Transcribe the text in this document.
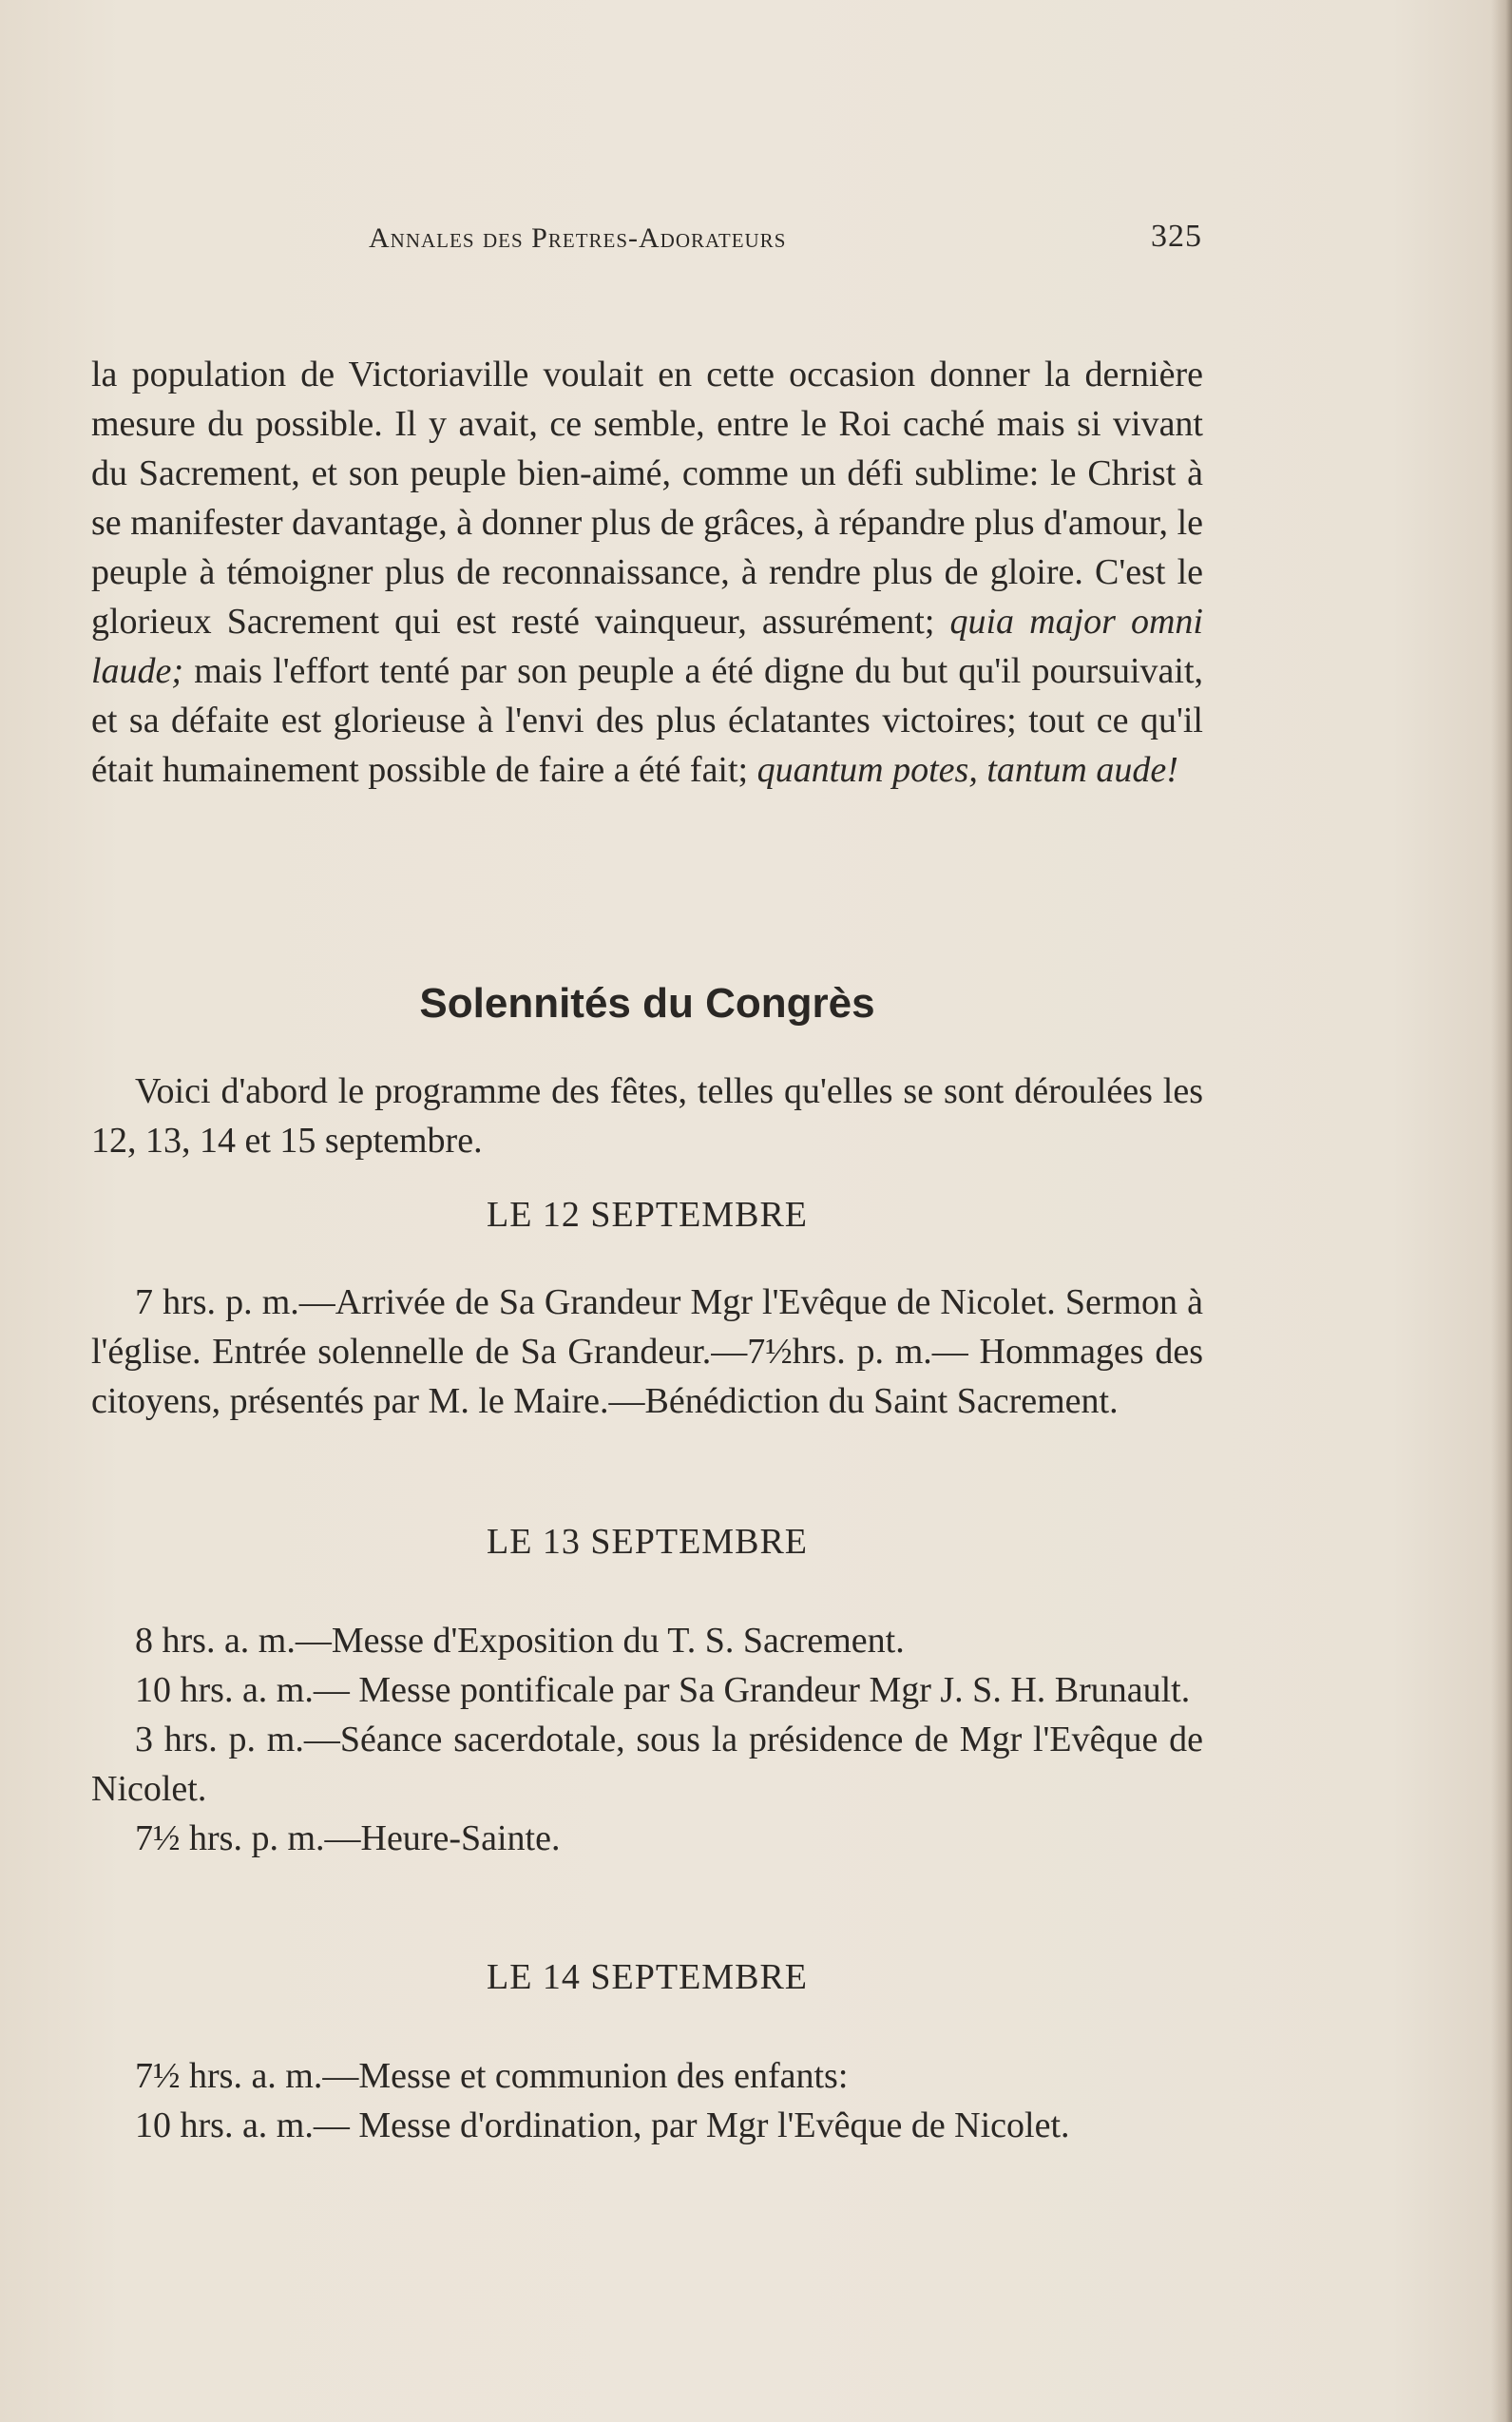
Annales des Pretres-Adorateurs	325

la population de Victoriaville voulait en cette occasion donner la dernière mesure du possible. Il y avait, ce semble, entre le Roi caché mais si vivant du Sacrement, et son peuple bien-aimé, comme un défi sublime: le Christ à se manifester davantage, à donner plus de grâces, à répandre plus d'amour, le peuple à témoigner plus de reconnaissance, à rendre plus de gloire. C'est le glorieux Sacrement qui est resté vainqueur, assurément; quia major omni laude; mais l'effort tenté par son peuple a été digne du but qu'il poursuivait, et sa défaite est glorieuse à l'envi des plus éclatantes victoires; tout ce qu'il était humainement possible de faire a été fait; quantum potes, tantum aude!

Solennités du Congrès
Voici d'abord le programme des fêtes, telles qu'elles se sont déroulées les 12, 13, 14 et 15 septembre.
LE 12 SEPTEMBRE

7 hrs. p. m.—Arrivée de Sa Grandeur Mgr l'Evêque de Nicolet. Sermon à l'église. Entrée solennelle de Sa Grandeur.—7½hrs. p. m.— Hommages des citoyens, présentés par M. le Maire.—Bénédiction du Saint Sacrement.

LE 13 SEPTEMBRE

8 hrs. a. m.—Messe d'Exposition du T. S. Sacrement.

10 hrs. a. m.— Messe pontificale par Sa Grandeur Mgr J. S. H. Brunault.

3 hrs. p. m.—Séance sacerdotale, sous la présidence de Mgr l'Evêque de Nicolet.

7½ hrs. p. m.—Heure-Sainte.

LE 14 SEPTEMBRE

7½ hrs. a. m.—Messe et communion des enfants:

10 hrs. a. m.— Messe d'ordination, par Mgr l'Evêque de Nicolet.
